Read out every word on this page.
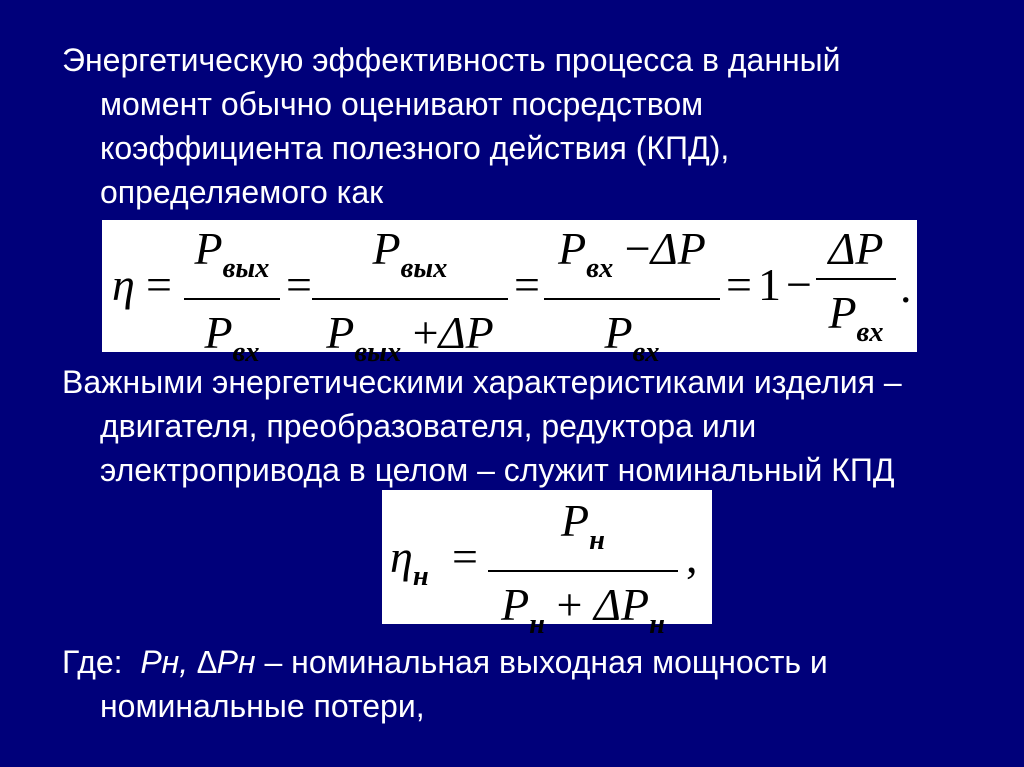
Энергетическую эффективность процесса в данный
момент обычно оценивают посредством
коэффициента полезного действия (КПД),
определяемого как
η =
$P_{вых}$
$P_{вх}$
=
$P_{вых}$
$P_{вых} +\Delta P$
=
$P_{вх} -\Delta P$
$P_{вх}$
= 1 −
ΔP
$P_{вх}$
.
Важными энергетическими характеристиками изделия –
двигателя, преобразователя, редуктора или
электропривода в целом – служит номинальный КПД
$\eta_н$ =
$P_н$
$P_н + \Delta P_н$
,
Где:  Pн, ∆Pн – номинальная выходная мощность и
номинальные потери,
